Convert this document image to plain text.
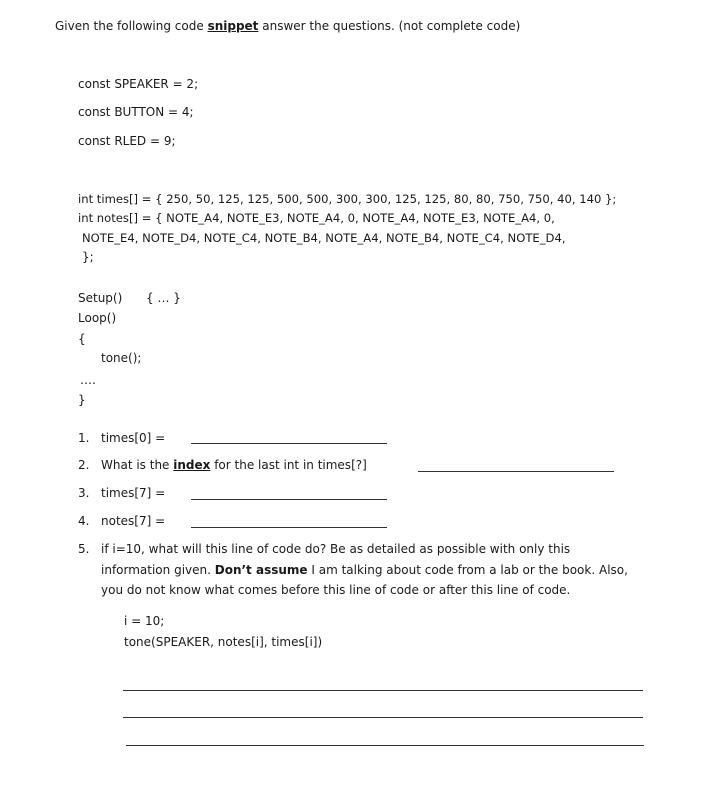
Given the following code snippet answer the questions. (not complete code)
const SPEAKER = 2;
const BUTTON = 4;
const RLED = 9;
int times[] = { 250, 50, 125, 125, 500, 500, 300, 300, 125, 125, 80, 80, 750, 750, 40, 140 };
int notes[] = { NOTE_A4, NOTE_E3, NOTE_A4, 0, NOTE_A4, NOTE_E3, NOTE_A4, 0,
NOTE_E4, NOTE_D4, NOTE_C4, NOTE_B4, NOTE_A4, NOTE_B4, NOTE_C4, NOTE_D4,
};
Setup() { … }
Loop()
{
tone();
….
}
1. times[0] =
2. What is the index for the last int in times[?]
3. times[7] =
4. notes[7] =
5. if i=10, what will this line of code do? Be as detailed as possible with only this
information given. Don’t assume I am talking about code from a lab or the book. Also,
you do not know what comes before this line of code or after this line of code.
i = 10;
tone(SPEAKER, notes[i], times[i])
